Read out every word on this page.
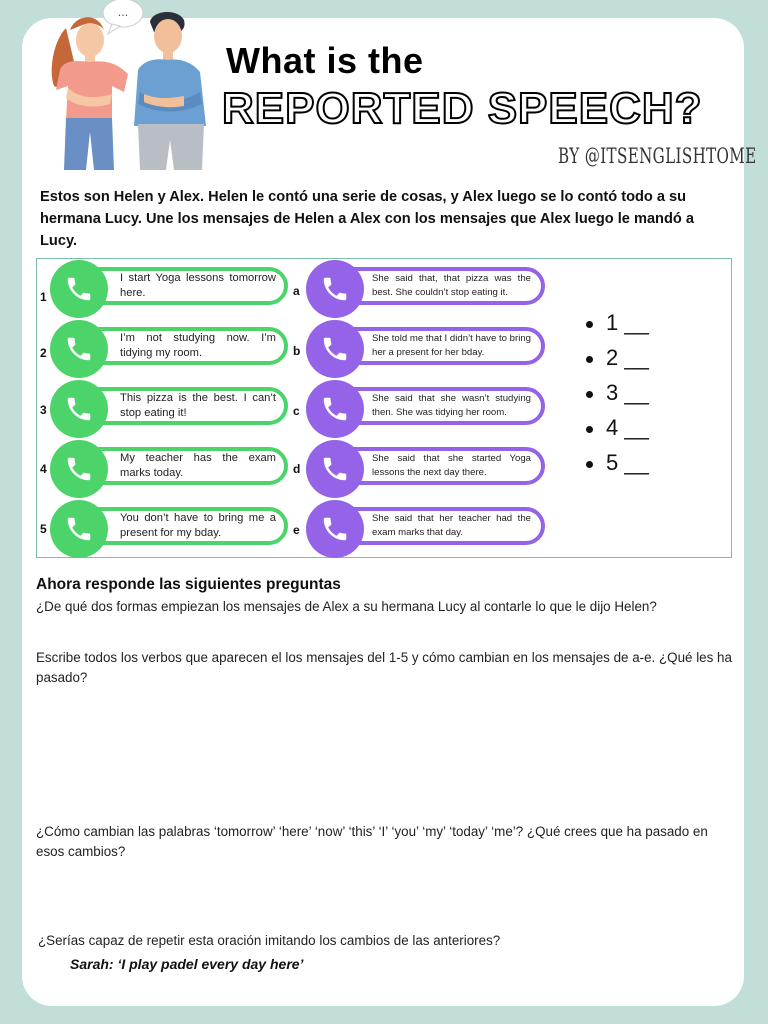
...
What is the
REPORTED SPEECH?
BY @ITSENGLISHTOME
Estos son Helen y Alex. Helen le contó una serie de cosas, y Alex luego se lo contó todo a su hermana Lucy. Une los mensajes de Helen a Alex con los mensajes que Alex luego le mandó a Lucy.
1
2
3
4
5
I start Yoga lessons tomorrow here.
I’m not studying now. I’m tidying my room.
This pizza is the best. I can’t stop eating it!
My teacher has the exam marks today.
You don’t have to bring me a present for my bday.
a
b
c
d
e
She said that, that pizza was the best. She couldn’t stop eating it.
She told me that I didn’t have to bring her a present for her bday.
She said that she wasn’t studying then. She was tidying her room.
She said that she started Yoga lessons the next day there.
She said that her teacher had the exam marks that day.
1 __
2 __
3 __
4 __
5 __
Ahora responde las siguientes preguntas
¿De qué dos formas empiezan los mensajes de Alex a su hermana Lucy al contarle lo que le dijo Helen?
Escribe todos los verbos que aparecen el los mensajes del 1-5 y cómo cambian en los mensajes de a-e. ¿Qué les ha pasado?
¿Cómo cambian las palabras ‘tomorrow’ ‘here’ ‘now’ ‘this’ ‘I’ ‘you’ ‘my’ ‘today’ ‘me’? ¿Qué crees que ha pasado en esos cambios?
¿Serías capaz de repetir esta oración imitando los cambios de las anteriores?
Sarah: ‘I play padel every day here’
